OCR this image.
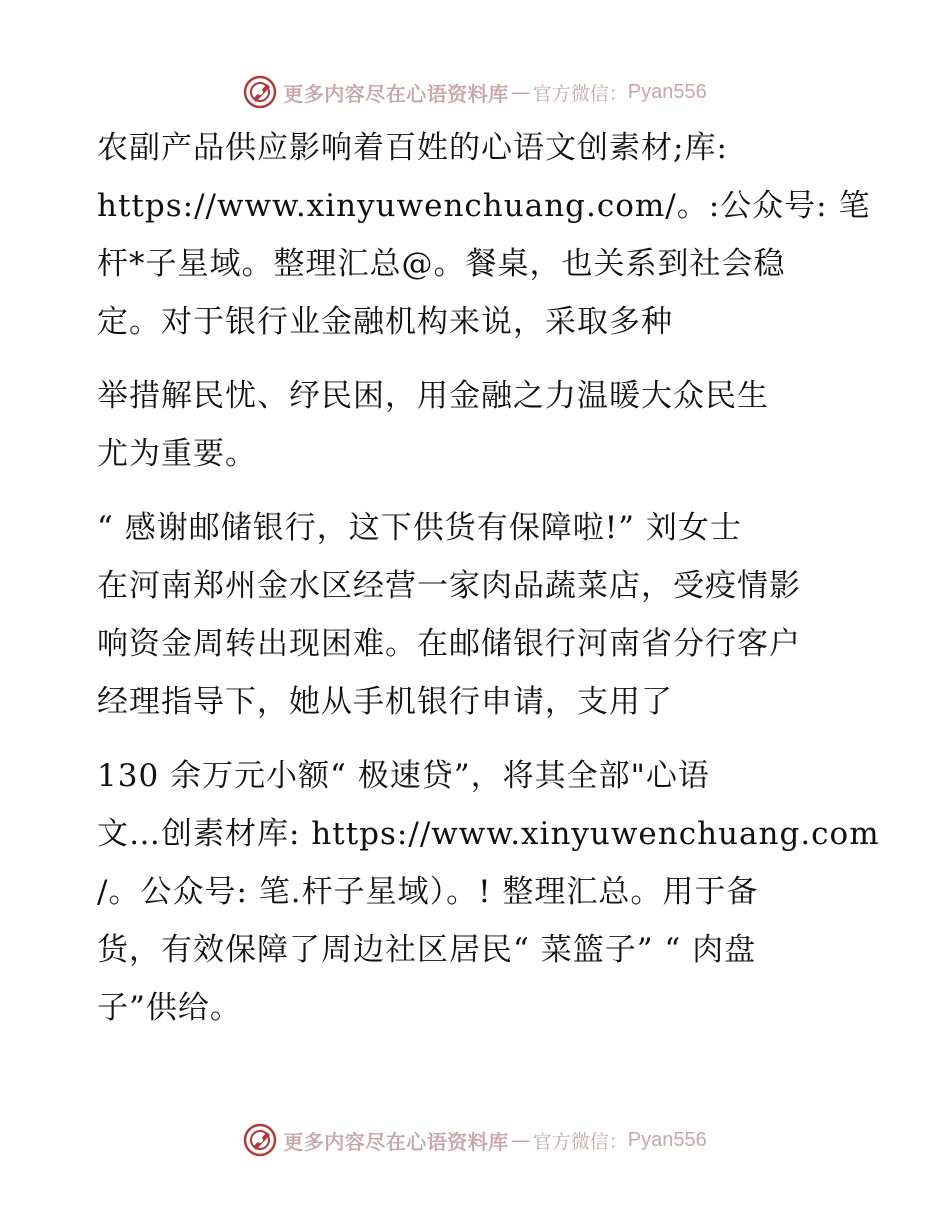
更多内容尽在心语资料库 — 官方微信： Pyan556
农副产品供应影响着百姓的心语文创素材;库:
https://www.xinyuwenchuang.com/。:公众号: 笔
杆*子星域。整理汇总@。餐桌，也关系到社会稳
定。对于银行业金融机构来说，采取多种
举措解民忧、纾民困，用金融之力温暖大众民生
尤为重要。
“ 感谢邮储银行，这下供货有保障啦!” 刘女士
在河南郑州金水区经营一家肉品蔬菜店，受疫情影
响资金周转出现困难。在邮储银行河南省分行客户
经理指导下，她从手机银行申请，支用了
130 余万元小额“ 极速贷”，将其全部"心语
文…创素材库: https://www.xinyuwenchuang.com
/。公众号: 笔.杆子星域）。! 整理汇总。用于备
货，有效保障了周边社区居民“ 菜篮子” “ 肉盘
子”供给。
更多内容尽在心语资料库 — 官方微信： Pyan556
